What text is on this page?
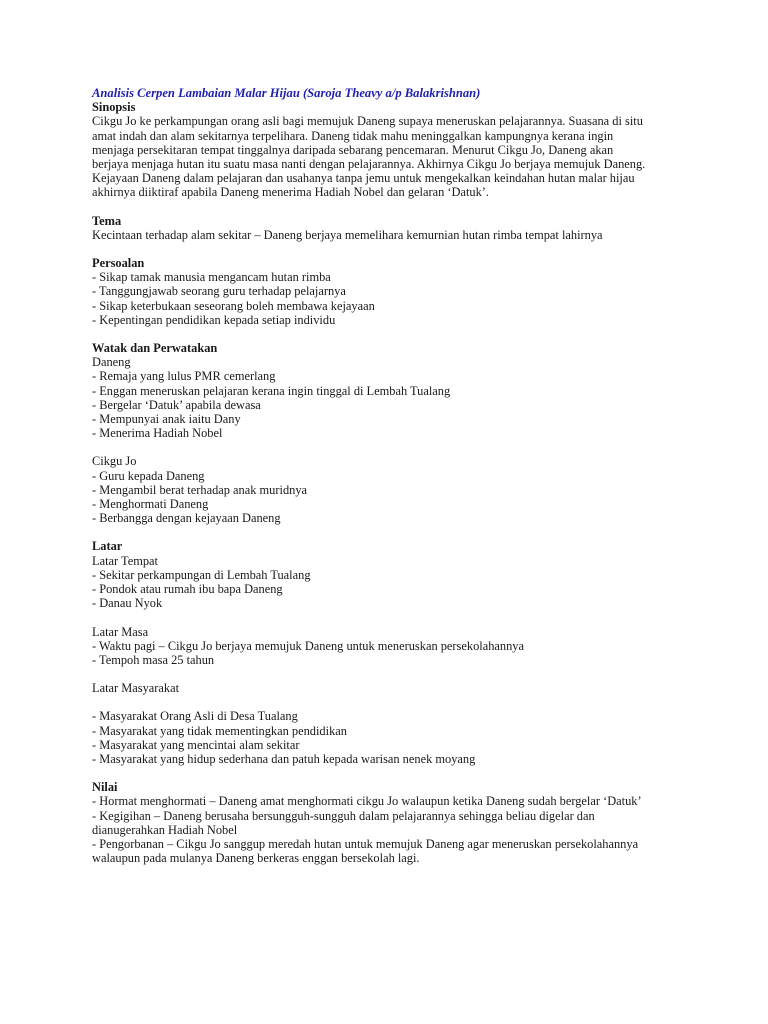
Analisis Cerpen Lambaian Malar Hijau (Saroja Theavy a/p Balakrishnan)

Sinopsis

Cikgu Jo ke perkampungan orang asli bagi memujuk Daneng supaya meneruskan pelajarannya. Suasana di situ

amat indah dan alam sekitarnya terpelihara. Daneng tidak mahu meninggalkan kampungnya kerana ingin

menjaga persekitaran tempat tinggalnya daripada sebarang pencemaran. Menurut Cikgu Jo, Daneng akan

berjaya menjaga hutan itu suatu masa nanti dengan pelajarannya. Akhirnya Cikgu Jo berjaya memujuk Daneng.

Kejayaan Daneng dalam pelajaran dan usahanya tanpa jemu untuk mengekalkan keindahan hutan malar hijau

akhirnya diiktiraf apabila Daneng menerima Hadiah Nobel dan gelaran ‘Datuk’.

Tema

Kecintaan terhadap alam sekitar – Daneng berjaya memelihara kemurnian hutan rimba tempat lahirnya

Persoalan

- Sikap tamak manusia mengancam hutan rimba

- Tanggungjawab seorang guru terhadap pelajarnya

- Sikap keterbukaan seseorang boleh membawa kejayaan

- Kepentingan pendidikan kepada setiap individu

Watak dan Perwatakan

Daneng

- Remaja yang lulus PMR cemerlang

- Enggan meneruskan pelajaran kerana ingin tinggal di Lembah Tualang

- Bergelar ‘Datuk’ apabila dewasa

- Mempunyai anak iaitu Dany

- Menerima Hadiah Nobel

Cikgu Jo

- Guru kepada Daneng

- Mengambil berat terhadap anak muridnya

- Menghormati Daneng

- Berbangga dengan kejayaan Daneng

Latar

Latar Tempat

- Sekitar perkampungan di Lembah Tualang

- Pondok atau rumah ibu bapa Daneng

- Danau Nyok

Latar Masa

- Waktu pagi – Cikgu Jo berjaya memujuk Daneng untuk meneruskan persekolahannya

- Tempoh masa 25 tahun

Latar Masyarakat

- Masyarakat Orang Asli di Desa Tualang

- Masyarakat yang tidak mementingkan pendidikan

- Masyarakat yang mencintai alam sekitar

- Masyarakat yang hidup sederhana dan patuh kepada warisan nenek moyang

Nilai

- Hormat menghormati – Daneng amat menghormati cikgu Jo walaupun ketika Daneng sudah bergelar ‘Datuk’

- Kegigihan – Daneng berusaha bersungguh-sungguh dalam pelajarannya sehingga beliau digelar dan

dianugerahkan Hadiah Nobel

- Pengorbanan – Cikgu Jo sanggup meredah hutan untuk memujuk Daneng agar meneruskan persekolahannya

walaupun pada mulanya Daneng berkeras enggan bersekolah lagi.
